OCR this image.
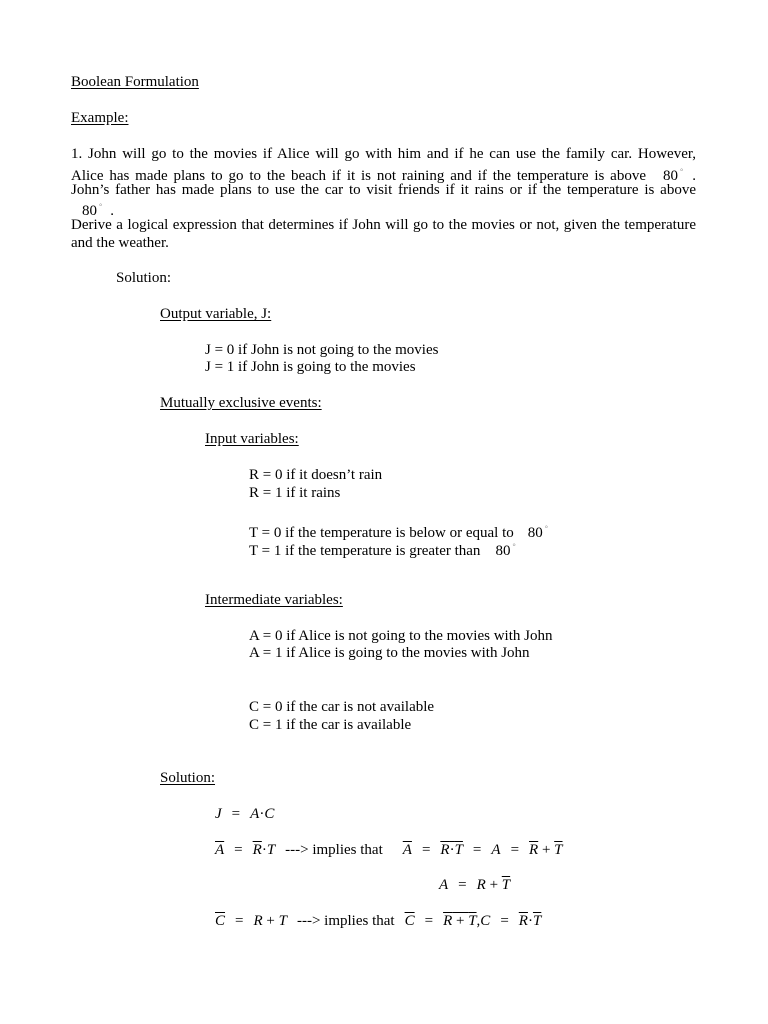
Boolean Formulation
Example:
1. John will go to the movies if Alice will go with him and if he can use the family car. However,
Alice has made plans to go to the beach if it is not raining and if the temperature is above 80 ° .
John’s father has made plans to use the car to visit friends if it rains or if the temperature is above
80 ° .
Derive a logical expression that determines if John will go to the movies or not, given the temperature
and the weather.
Solution:
Output variable, J:
J = 0 if John is not going to the movies
J = 1 if John is going to the movies
Mutually exclusive events:
Input variables:
R = 0 if it doesn’t rain
R = 1 if it rains
T = 0 if the temperature is below or equal to 80 °
T = 1 if the temperature is greater than 80 °
Intermediate variables:
A = 0 if Alice is not going to the movies with John
A = 1 if Alice is going to the movies with John
C = 0 if the car is not available
C = 1 if the car is available
Solution:
J = A·C
$\overline{A} = \overline{R}\cdot T$ ---> implies that $\overline{A} = R\cdot T = A = \overline{R} + \overline{T}$
$A = R + \overline{T}$
$\overline{C} = R + T$ ---> implies that $\overline{C} = R + T,C = \overline{R}\cdot\overline{T}$
